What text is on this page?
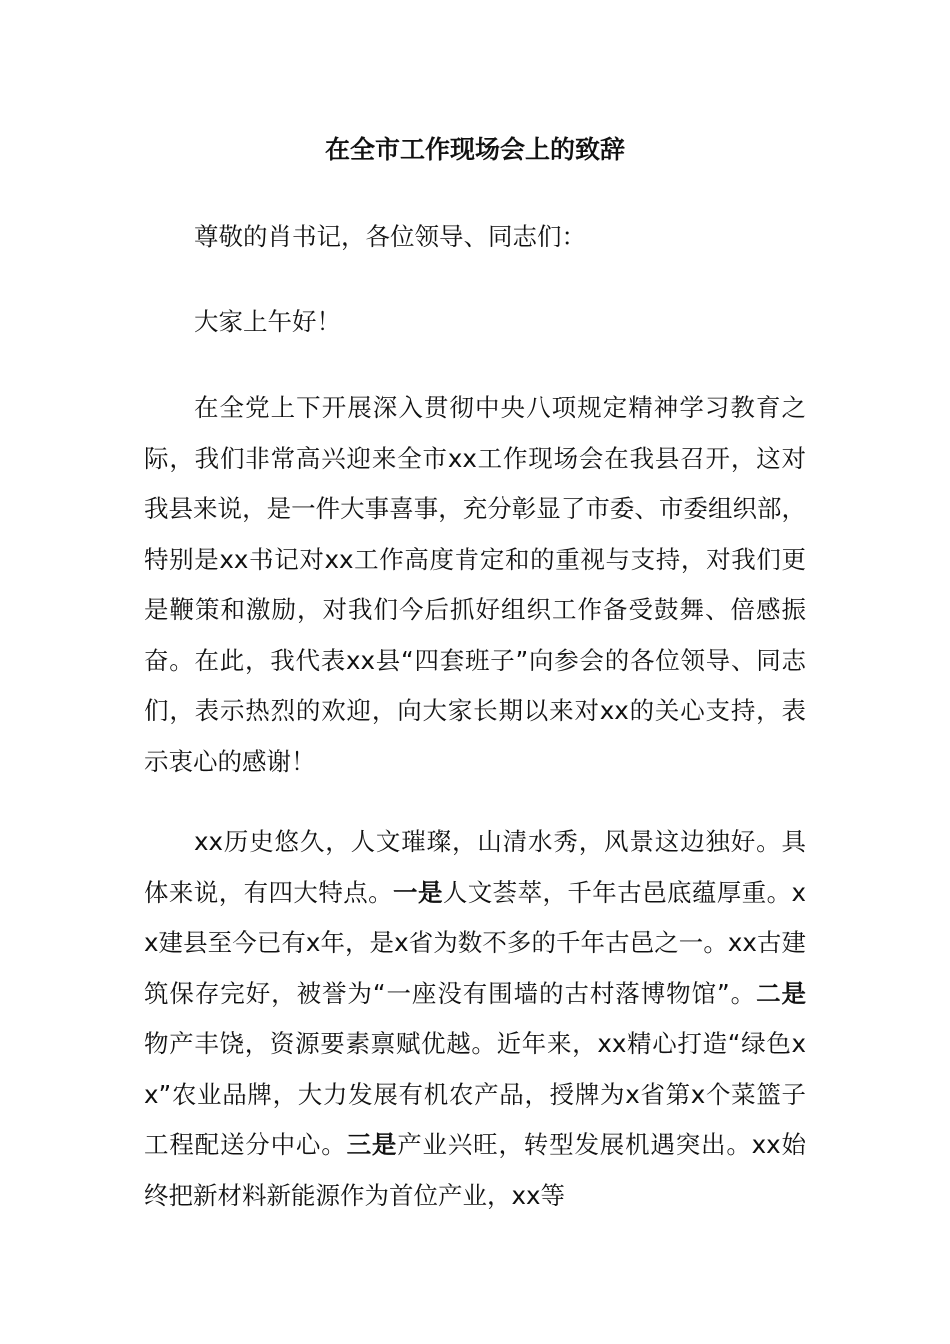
在全市工作现场会上的致辞

尊敬的肖书记，各位领导、同志们：

大家上午好！

在全党上下开展深入贯彻中央八项规定精神学习教育之际，我们非常高兴迎来全市xx工作现场会在我县召开，这对我县来说，是一件大事喜事，充分彰显了市委、市委组织部，特别是xx书记对xx工作高度肯定和的重视与支持，对我们更是鞭策和激励，对我们今后抓好组织工作备受鼓舞、倍感振奋。在此，我代表xx县“四套班子”向参会的各位领导、同志们，表示热烈的欢迎，向大家长期以来对xx的关心支持，表示衷心的感谢！

xx历史悠久，人文璀璨，山清水秀，风景这边独好。具体来说，有四大特点。一是人文荟萃，千年古邑底蕴厚重。xx建县至今已有x年，是x省为数不多的千年古邑之一。xx古建筑保存完好，被誉为“一座没有围墙的古村落博物馆”。二是物产丰饶，资源要素禀赋优越。近年来，xx精心打造“绿色xx”农业品牌，大力发展有机农产品，授牌为x省第x个菜篮子工程配送分中心。三是产业兴旺，转型发展机遇突出。xx始终把新材料新能源作为首位产业，xx等
